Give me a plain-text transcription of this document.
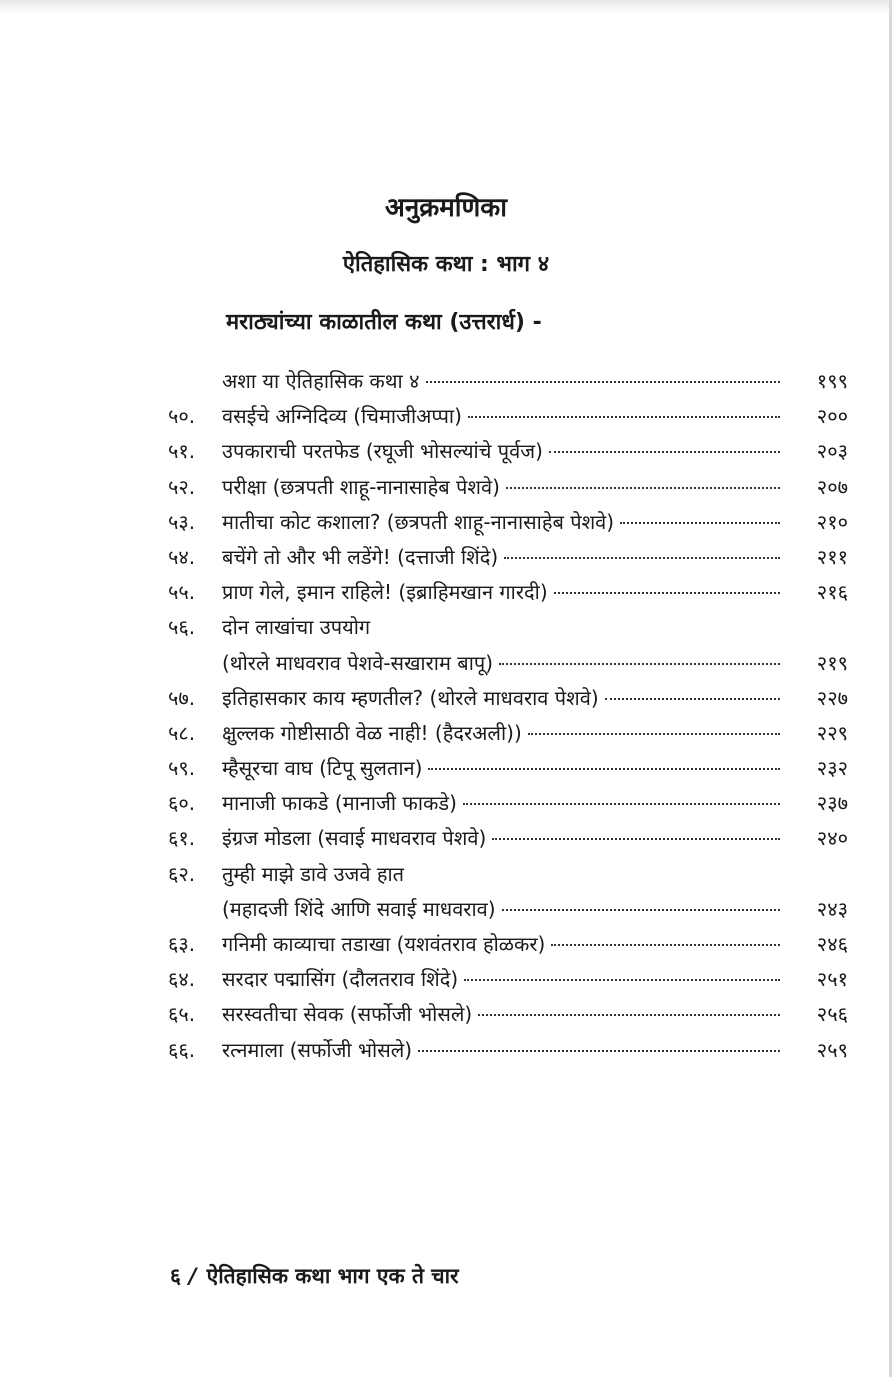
अनुक्रमणिका
ऐतिहासिक कथा : भाग ४
मराठ्यांच्या काळातील कथा (उत्तरार्ध) -
अशा या ऐतिहासिक कथा ४	१९९
५०.	वसईचे अग्निदिव्य (चिमाजीअप्पा)	२००
५१.	उपकाराची परतफेड (रघूजी भोसल्यांचे पूर्वज)	२०३
५२.	परीक्षा (छत्रपती शाहू-नानासाहेब पेशवे)	२०७
५३.	मातीचा कोट कशाला? (छत्रपती शाहू-नानासाहेब पेशवे)	२१०
५४.	बचेंगे तो और भी लडेंगे! (दत्ताजी शिंदे)	२११
५५.	प्राण गेले, इमान राहिले! (इब्राहिमखान गारदी)	२१६
५६.	दोन लाखांचा उपयोग
(थोरले माधवराव पेशवे-सखाराम बापू)	२१९
५७.	इतिहासकार काय म्हणतील? (थोरले माधवराव पेशवे)	२२७
५८.	क्षुल्लक गोष्टीसाठी वेळ नाही! (हैदरअली))	२२९
५९.	म्हैसूरचा वाघ (टिपू सुलतान)	२३२
६०.	मानाजी फाकडे (मानाजी फाकडे)	२३७
६१.	इंग्रज मोडला (सवाई माधवराव पेशवे)	२४०
६२.	तुम्ही माझे डावे उजवे हात
(महादजी शिंदे आणि सवाई माधवराव)	२४३
६३.	गनिमी काव्याचा तडाखा (यशवंतराव होळकर)	२४६
६४.	सरदार पद्मासिंग (दौलतराव शिंदे)	२५१
६५.	सरस्वतीचा सेवक (सर्फोजी भोसले)	२५६
६६.	रत्नमाला (सर्फोजी भोसले)	२५९
६ / ऐतिहासिक कथा भाग एक ते चार
